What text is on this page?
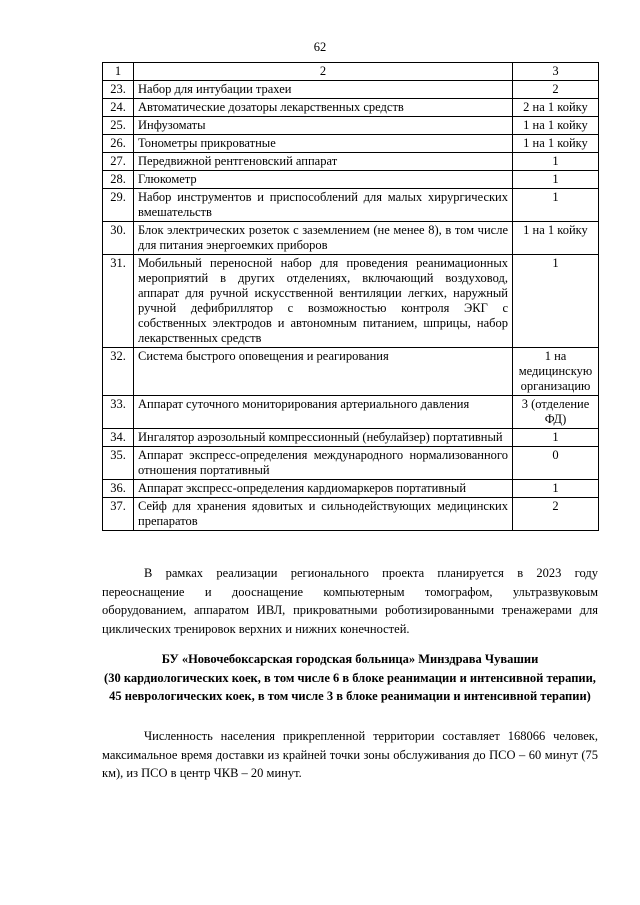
62
1	2	3
23.	Набор для интубации трахеи	2
24.	Автоматические дозаторы лекарственных средств	2 на 1 койку
25.	Инфузоматы	1 на 1 койку
26.	Тонометры прикроватные	1 на 1 койку
27.	Передвижной рентгеновский аппарат	1
28.	Глюкометр	1
29.	Набор инструментов и приспособлений для малых хирургических вмешательств	1
30.	Блок электрических розеток с заземлением (не менее 8), в том числе для питания энергоемких приборов	1 на 1 койку
31.	Мобильный переносной набор для проведения реанимационных мероприятий в других отделениях, включающий воздуховод, аппарат для ручной искусственной вентиляции легких, наружный ручной дефибриллятор с возможностью контроля ЭКГ с собственных электродов и автономным питанием, шприцы, набор лекарственных средств	1
32.	Система быстрого оповещения и реагирования	1 на медицинскую организацию
33.	Аппарат суточного мониторирования артериального давления	3 (отделение ФД)
34.	Ингалятор аэрозольный компрессионный (небулайзер) портативный	1
35.	Аппарат экспресс-определения международного нормализованного отношения портативный	0
36.	Аппарат экспресс-определения кардиомаркеров портативный	1
37.	Сейф для хранения ядовитых и сильнодействующих медицинских препаратов	2

В рамках реализации регионального проекта планируется в 2023 году переоснащение и дооснащение компьютерным томографом, ультразвуковым оборудованием, аппаратом ИВЛ, прикроватными роботизированными тренажерами для циклических тренировок верхних и нижних конечностей.

БУ «Новочебоксарская городская больница» Минздрава Чувашии
(30 кардиологических коек, в том числе 6 в блоке реанимации и интенсивной терапии, 45 неврологических коек, в том числе 3 в блоке реанимации и интенсивной терапии)

Численность населения прикрепленной территории составляет 168066 человек, максимальное время доставки из крайней точки зоны обслуживания до ПСО – 60 минут (75 км), из ПСО в центр ЧКВ – 20 минут.
